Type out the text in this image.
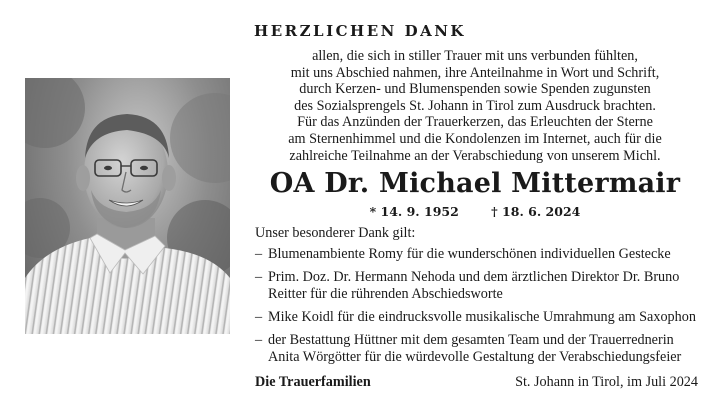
HERZLICHEN DANK
allen, die sich in stiller Trauer mit uns verbunden fühlten,
mit uns Abschied nahmen, ihre Anteilnahme in Wort und Schrift,
durch Kerzen- und Blumenspenden sowie Spenden zugunsten
des Sozialsprengels St. Johann in Tirol zum Ausdruck brachten.
Für das Anzünden der Trauerkerzen, das Erleuchten der Sterne
am Sternenhimmel und die Kondolenzen im Internet, auch für die
zahlreiche Teilnahme an der Verabschiedung von unserem Michl.
OA Dr. Michael Mittermair
* 14. 9. 1952	† 18. 6. 2024
Unser besonderer Dank gilt:
– Blumenambiente Romy für die wunderschönen individuellen Gestecke
– Prim. Doz. Dr. Hermann Nehoda und dem ärztlichen Direktor Dr. Bruno
Reitter für die rührenden Abschiedsworte
– Mike Koidl für die eindrucksvolle musikalische Umrahmung am Saxophon
– der Bestattung Hüttner mit dem gesamten Team und der Trauerrednerin
Anita Wörgötter für die würdevolle Gestaltung der Verabschiedungsfeier
Die Trauerfamilien	St. Johann in Tirol, im Juli 2024
